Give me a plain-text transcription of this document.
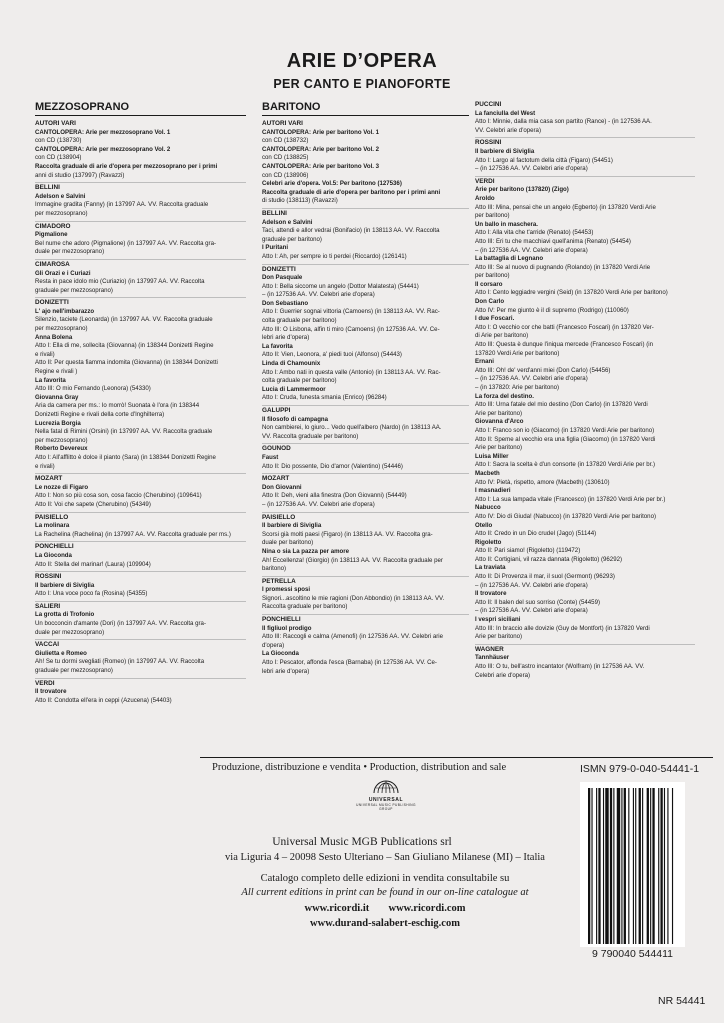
ARIE D’OPERA
PER CANTO E PIANOFORTE
MEZZOSOPRANO
AUTORI VARI
CANTOLOPERA: Arie per mezzosoprano Vol. 1
con CD (138730)
CANTOLOPERA: Arie per mezzosoprano Vol. 2
con CD (138904)
Raccolta graduale di arie d'opera per mezzosoprano per i primi
anni di studio (137997) (Ravazzi)
BELLINI
Adelson e Salvini
Immagine gradita (Fanny) (in 137997 AA. VV. Raccolta graduale
per mezzosoprano)
CIMADORO
Pigmalione
Bel nume che adoro (Pigmalione) (in 137997 AA. VV. Raccolta gra-
duale per mezzosoprano)
CIMAROSA
Gli Orazi e i Curiazi
Resta in pace idolo mio (Curiazio) (in 137997 AA. VV. Raccolta
graduale per mezzosoprano)
DONIZETTI
L' ajo nell'imbarazzo
Silenzio, taciete (Leonarda) (in 137997 AA. VV. Raccolta graduale
per mezzosoprano)
Anna Bolena
Atto I: Ella di me, sollecita (Giovanna) (in 138344 Donizetti Regine
e rivali)
Atto II: Per questa fiamma indomita (Giovanna) (in 138344 Donizetti
Regine e rivali )
La favorita
Atto III: O mio Fernando (Leonora) (54330)
Giovanna Gray
Aria da camera per ms.: Io morrò! Suonata è l'ora (in 138344
Donizetti Regine e rivali della corte d'Inghilterra)
Lucrezia Borgia
Nella fatal di Rimini (Orsini) (in 137997 AA. VV. Raccolta graduale
per mezzosoprano)
Roberto Devereux
Atto I: All'afflitto è dolce il pianto (Sara) (in 138344 Donizetti Regine
e rivali)
MOZART
Le nozze di Figaro
Atto I: Non so più cosa son, cosa faccio (Cherubino) (109641)
Atto II: Voi che sapete (Cherubino) (54349)
PAISIELLO
La molinara
La Rachelina (Rachelina) (in 137997 AA. VV. Raccolta graduale per ms.)
PONCHIELLI
La Gioconda
Atto II: Stella del marinar! (Laura) (109904)
ROSSINI
Il barbiere di Siviglia
Atto I: Una voce poco fa (Rosina) (54355)
SALIERI
La grotta di Trofonio
Un bocconcin d'amante (Dori) (in 137997 AA. VV. Raccolta gra-
duale per mezzosoprano)
VACCAI
Giulietta e Romeo
Ah! Se tu dormi svegliati (Romeo) (in 137997 AA. VV. Raccolta
graduale per mezzosoprano)
VERDI
Il trovatore
Atto II: Condotta ell'era in ceppi (Azucena) (54403)
BARITONO
AUTORI VARI
CANTOLOPERA: Arie per baritono Vol. 1
con CD (138732)
CANTOLOPERA: Arie per baritono Vol. 2
con CD (138825)
CANTOLOPERA: Arie per baritono Vol. 3
con CD (138906)
Celebri arie d'opera. Vol.5: Per baritono (127536)
Raccolta graduale di arie d'opera per baritono per i primi anni
di studio (138113) (Ravazzi)
BELLINI
Adelson e Salvini
Taci, attendi e allor vedrai (Bonifacio) (in 138113 AA. VV. Raccolta
graduale per baritono)
I Puritani
Atto I: Ah, per sempre io ti perdei (Riccardo) (126141)
DONIZETTI
Don Pasquale
Atto I: Bella siccome un angelo (Dottor Malatesta) (54441)
– (in 127536 AA. VV. Celebri arie d'opera)
Don Sebastiano
Atto I: Guerrier sognai vittoria (Camoens) (in 138113 AA. VV. Rac-
colta graduale per baritono)
Atto III: O Lisbona, alfin ti miro (Camoens) (in 127536 AA. VV. Ce-
lebri arie d'opera)
La favorita
Atto II: Vien, Leonora, a' piedi tuoi (Alfonso) (54443)
Linda di Chamounix
Atto I: Ambo nati in questa valle (Antonio) (in 138113 AA. VV. Rac-
colta graduale per baritono)
Lucia di Lammermoor
Atto I: Cruda, funesta smania (Enrico) (96284)
GALUPPI
Il filosofo di campagna
Non cambierei, lo giuro... Vedo quell'albero (Nardo) (in 138113 AA.
VV. Raccolta graduale per baritono)
GOUNOD
Faust
Atto II: Dio possente, Dio d'amor (Valentino) (54446)
MOZART
Don Giovanni
Atto II: Deh, vieni alla finestra (Don Giovanni) (54449)
– (in 127536 AA. VV. Celebri arie d'opera)
PAISIELLO
Il barbiere di Siviglia
Scorsi già molti paesi (Figaro) (in 138113 AA. VV. Raccolta gra-
duale per baritono)
Nina o sia La pazza per amore
Ah! Eccellenza! (Giorgio) (in 138113 AA. VV. Raccolta graduale per
baritono)
PETRELLA
I promessi sposi
Signori...ascoltino le mie ragioni (Don Abbondio) (in 138113 AA. VV.
Raccolta graduale per baritono)
PONCHIELLI
Il figliuol prodigo
Atto III: Raccogli e calma (Amenofi) (in 127536 AA. VV. Celebri arie
d'opera)
La Gioconda
Atto I: Pescator, affonda l'esca (Barnaba) (in 127536 AA. VV. Ce-
lebri arie d'opera)
PUCCINI
La fanciulla del West
Atto I: Minnie, dalla mia casa son partito (Rance) - (in 127536 AA.
VV. Celebri arie d'opera)
ROSSINI
Il barbiere di Siviglia
Atto I: Largo al factotum della città (Figaro) (54451)
– (in 127536 AA. VV. Celebri arie d'opera)
VERDI
Arie per baritono (137820) (Zigo)
Aroldo
Atto III: Mina, pensai che un angelo (Egberto) (in 137820 Verdi Arie
per baritono)
Un ballo in maschera.
Atto I: Alla vita che t'arride (Renato) (54453)
Atto III: Eri tu che macchiavi quell'anima (Renato) (54454)
– (in 127536 AA. VV. Celebri arie d'opera)
La battaglia di Legnano
Atto III: Se al nuovo di pugnando (Rolando) (in 137820 Verdi Arie
per baritono)
Il corsaro
Atto I: Cento leggiadre vergini (Seid) (in 137820 Verdi Arie per baritono)
Don Carlo
Atto IV: Per me giunto è il dì supremo (Rodrigo) (110060)
I due Foscari.
Atto I: O vecchio cor che batti (Francesco Foscari) (in 137820 Ver-
di Arie per baritono)
Atto III: Questa è dunque l'iniqua mercede (Francesco Foscari) (in
137820 Verdi Arie per baritono)
Ernani
Atto III: Oh! de' verd'anni miei (Don Carlo) (54456)
– (in 127536 AA. VV. Celebri arie d'opera)
– (in 137820: Arie per baritono)
La forza del destino.
Atto III: Urna fatale del mio destino (Don Carlo) (in 137820 Verdi
Arie per baritono)
Giovanna d'Arco
Atto I: Franco son io (Giacomo) (in 137820 Verdi Arie per baritono)
Atto II: Speme al vecchio era una figlia (Giacomo) (in 137820 Verdi
Arie per baritono)
Luisa Miller
Atto I: Sacra la scelta è d'un consorte (in 137820 Verdi Arie per br.)
Macbeth
Atto IV: Pietà, rispetto, amore (Macbeth) (130610)
I masnadieri
Atto I: La sua lampada vitale (Francesco) (in 137820 Verdi Arie per br.)
Nabucco
Atto IV: Dio di Giuda! (Nabucco) (in 137820 Verdi Arie per baritono)
Otello
Atto II: Credo in un Dio crudel (Jago) (51144)
Rigoletto
Atto II: Pari siamo! (Rigoletto) (119472)
Atto II: Cortigiani, vil razza dannata (Rigoletto) (96292)
La traviata
Atto II: Di Provenza il mar, il suol (Germont) (96293)
– (in 127536 AA. VV. Celebri arie d'opera)
Il trovatore
Atto II: Il balen del suo sorriso (Conte) (54459)
– (in 127536 AA. VV. Celebri arie d'opera)
I vespri siciliani
Atto III: In braccio alle dovizie (Guy de Montfort) (in 137820 Verdi
Arie per baritono)
WAGNER
Tannhäuser
Atto III: O tu, bell'astro incantator (Wolfram) (in 127536 AA. VV.
Celebri arie d'opera)
Produzione, distribuzione e vendita • Production, distribution and sale
UNIVERSAL
UNIVERSAL MUSIC PUBLISHING GROUP
Universal Music MGB Publications srl
via Liguria 4 – 20098 Sesto Ulteriano – San Giuliano Milanese (MI) – Italia
Catalogo completo delle edizioni in vendita consultabile su
All current editions in print can be found in our on-line catalogue at
www.ricordi.it www.ricordi.com
www.durand-salabert-eschig.com
ISMN 979-0-040-54441-1
9 790040 544411
NR 54441
